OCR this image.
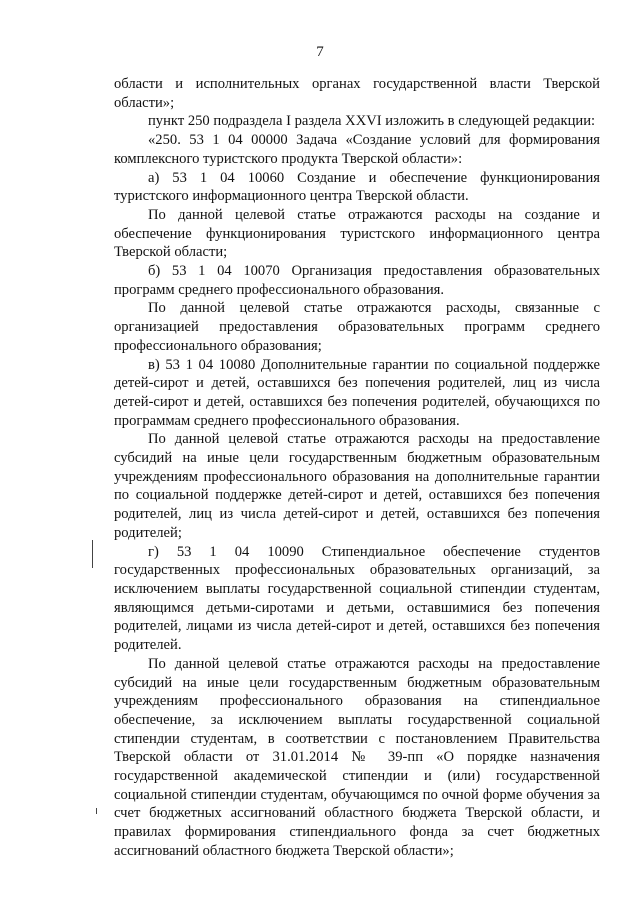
7

области и исполнительных органах государственной власти Тверской области»;

пункт 250 подраздела I раздела XXVI изложить в следующей редакции:

«250. 53 1 04 00000 Задача «Создание условий для формирования комплексного туристского продукта Тверской области»:

а) 53 1 04 10060 Создание и обеспечение функционирования туристского информационного центра Тверской области.

По данной целевой статье отражаются расходы на создание и обеспечение функционирования туристского информационного центра Тверской области;

б) 53 1 04 10070 Организация предоставления образовательных программ среднего профессионального образования.

По данной целевой статье отражаются расходы, связанные с организацией предоставления образовательных программ среднего профессионального образования;

в) 53 1 04 10080 Дополнительные гарантии по социальной поддержке детей-сирот и детей, оставшихся без попечения родителей, лиц из числа детей-сирот и детей, оставшихся без попечения родителей, обучающихся по программам среднего профессионального образования.

По данной целевой статье отражаются расходы на предоставление субсидий на иные цели государственным бюджетным образовательным учреждениям профессионального образования на дополнительные гарантии по социальной поддержке детей-сирот и детей, оставшихся без попечения родителей, лиц из числа детей-сирот и детей, оставшихся без попечения родителей;

г) 53 1 04 10090 Стипендиальное обеспечение студентов государственных профессиональных образовательных организаций, за исключением выплаты государственной социальной стипендии студентам, являющимся детьми-сиротами и детьми, оставшимися без попечения родителей, лицами из числа детей-сирот и детей, оставшихся без попечения родителей.

По данной целевой статье отражаются расходы на предоставление субсидий на иные цели государственным бюджетным образовательным учреждениям профессионального образования на стипендиальное обеспечение, за исключением выплаты государственной социальной стипендии студентам, в соответствии с постановлением Правительства Тверской области от 31.01.2014 № 39-пп «О порядке назначения государственной академической стипендии и (или) государственной социальной стипендии студентам, обучающимся по очной форме обучения за счет бюджетных ассигнований областного бюджета Тверской области, и правилах формирования стипендиального фонда за счет бюджетных ассигнований областного бюджета Тверской области»;
